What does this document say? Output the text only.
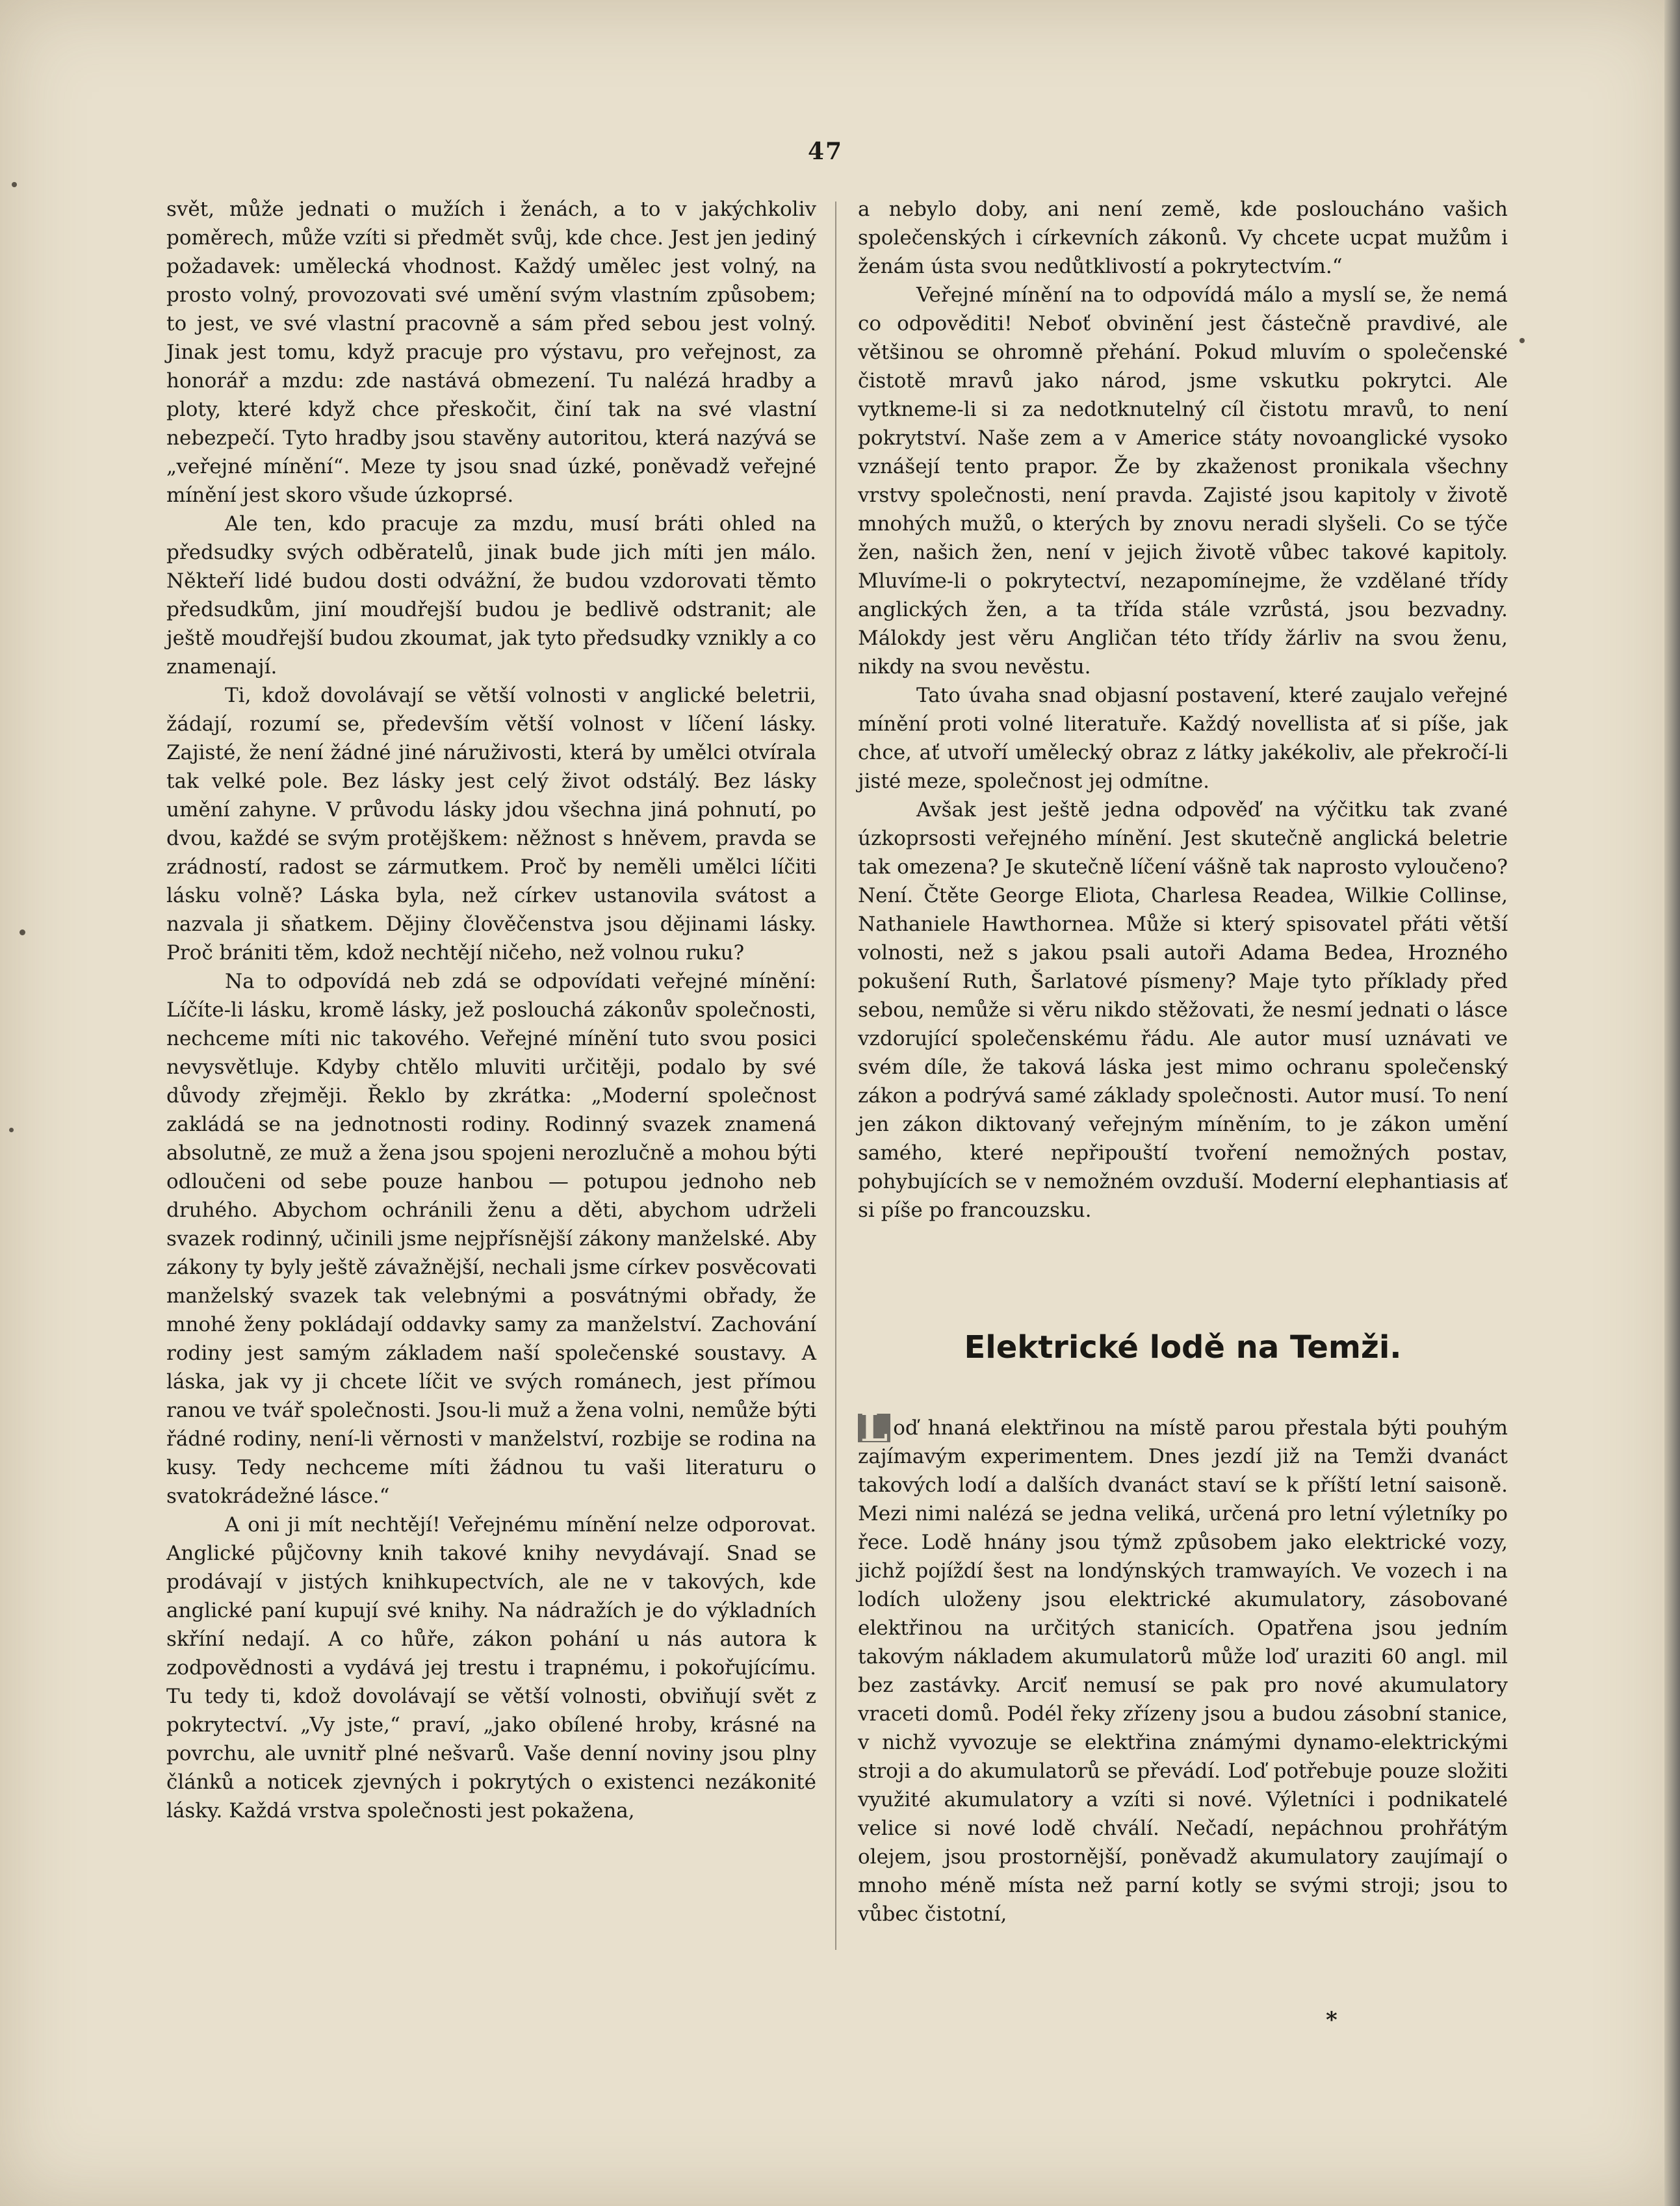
47

svět, může jednati o mužích i ženách, a to v jakýchkoliv poměrech, může vzíti si předmět svůj, kde chce. Jest jen jediný požadavek: umělecká vhodnost. Každý umělec jest volný, na prosto volný, provozovati své umění svým vlastním způsobem; to jest, ve své vlastní pracovně a sám před sebou jest volný. Jinak jest tomu, když pracuje pro výstavu, pro veřejnost, za honorář a mzdu: zde nastává obmezení. Tu nalézá hradby a ploty, které když chce přeskočit, činí tak na své vlastní nebezpečí. Tyto hradby jsou stavěny autoritou, která nazývá se „veřejné mínění“. Meze ty jsou snad úzké, poněvadž veřejné mínění jest skoro všude úzkoprsé.

Ale ten, kdo pracuje za mzdu, musí bráti ohled na předsudky svých odběratelů, jinak bude jich míti jen málo. Někteří lidé budou dosti odvážní, že budou vzdorovati těmto předsudkům, jiní moudřejší budou je bedlivě odstranit; ale ještě moudřejší budou zkoumat, jak tyto předsudky vznikly a co znamenají.

Ti, kdož dovolávají se větší volnosti v anglické beletrii, žádají, rozumí se, především větší volnost v líčení lásky. Zajisté, že není žádné jiné náruživosti, která by umělci otvírala tak velké pole. Bez lásky jest celý život odstálý. Bez lásky umění zahyne. V průvodu lásky jdou všechna jiná pohnutí, po dvou, každé se svým protějškem: něžnost s hněvem, pravda se zrádností, radost se zármutkem. Proč by neměli umělci líčiti lásku volně? Láska byla, než církev ustanovila svátost a nazvala ji sňatkem. Dějiny člověčenstva jsou dějinami lásky. Proč brániti těm, kdož nechtějí ničeho, než volnou ruku?

Na to odpovídá neb zdá se odpovídati veřejné mínění: Líčíte-li lásku, kromě lásky, jež poslouchá zákonův společnosti, nechceme míti nic takového. Veřejné mínění tuto svou posici nevysvětluje. Kdyby chtělo mluviti určitěji, podalo by své důvody zřejměji. Řeklo by zkrátka: „Moderní společnost zakládá se na jednotnosti rodiny. Rodinný svazek znamená absolutně, ze muž a žena jsou spojeni nerozlučně a mohou býti odloučeni od sebe pouze hanbou — potupou jednoho neb druhého. Abychom ochránili ženu a děti, abychom udrželi svazek rodinný, učinili jsme nejpřísnější zákony manželské. Aby zákony ty byly ještě závažnější, nechali jsme církev posvěcovati manželský svazek tak velebnými a posvátnými obřady, že mnohé ženy pokládají oddavky samy za manželství. Zachování rodiny jest samým základem naší společenské soustavy. A láska, jak vy ji chcete líčit ve svých románech, jest přímou ranou ve tvář společnosti. Jsou-li muž a žena volni, nemůže býti řádné rodiny, není-li věrnosti v manželství, rozbije se rodina na kusy. Tedy nechceme míti žádnou tu vaši literaturu o svatokrádežné lásce.“

A oni ji mít nechtějí! Veřejnému mínění nelze odporovat. Anglické půjčovny knih takové knihy nevydávají. Snad se prodávají v jistých knihkupectvích, ale ne v takových, kde anglické paní kupují své knihy. Na nádražích je do výkladních skříní nedají. A co hůře, zákon pohání u nás autora k zodpovědnosti a vydává jej trestu i trapnému, i pokořujícímu. Tu tedy ti, kdož dovolávají se větší volnosti, obviňují svět z pokrytectví. „Vy jste,“ praví, „jako obílené hroby, krásné na povrchu, ale uvnitř plné nešvarů. Vaše denní noviny jsou plny článků a noticek zjevných i pokrytých o existenci nezákonité lásky. Každá vrstva společnosti jest pokažena,

a nebylo doby, ani není země, kde posloucháno vašich společenských i církevních zákonů. Vy chcete ucpat mužům i ženám ústa svou nedůtklivostí a pokrytectvím.“

Veřejné mínění na to odpovídá málo a myslí se, že nemá co odpověditi! Neboť obvinění jest částečně pravdivé, ale většinou se ohromně přehání. Pokud mluvím o společenské čistotě mravů jako národ, jsme vskutku pokrytci. Ale vytkneme-li si za nedotknutelný cíl čistotu mravů, to není pokrytství. Naše zem a v Americe státy novoanglické vysoko vznášejí tento prapor. Že by zkaženost pronikala všechny vrstvy společnosti, není pravda. Zajisté jsou kapitoly v životě mnohých mužů, o kterých by znovu neradi slyšeli. Co se týče žen, našich žen, není v jejich životě vůbec takové kapitoly. Mluvíme-li o pokrytectví, nezapomínejme, že vzdělané třídy anglických žen, a ta třída stále vzrůstá, jsou bezvadny. Málokdy jest věru Angličan této třídy žárliv na svou ženu, nikdy na svou nevěstu.

Tato úvaha snad objasní postavení, které zaujalo veřejné mínění proti volné literatuře. Každý novellista ať si píše, jak chce, ať utvoří umělecký obraz z látky jakékoliv, ale překročí-li jisté meze, společnost jej odmítne.

Avšak jest ještě jedna odpověď na výčitku tak zvané úzkoprsosti veřejného mínění. Jest skutečně anglická beletrie tak omezena? Je skutečně líčení vášně tak naprosto vyloučeno? Není. Čtěte George Eliota, Charlesa Readea, Wilkie Collinse, Nathaniele Hawthornea. Může si který spisovatel přáti větší volnosti, než s jakou psali autoři Adama Bedea, Hrozného pokušení Ruth, Šarlatové písmeny? Maje tyto příklady před sebou, nemůže si věru nikdo stěžovati, že nesmí jednati o lásce vzdorující společenskému řádu. Ale autor musí uznávati ve svém díle, že taková láska jest mimo ochranu společenský zákon a podrývá samé základy společnosti. Autor musí. To není jen zákon diktovaný veřejným míněním, to je zákon umění samého, které nepřipouští tvoření nemožných postav, pohybujících se v nemožném ovzduší. Moderní elephantiasis ať si píše po francouzsku.

Elektrické lodě na Temži.

L oď hnaná elektřinou na místě parou přestala býti pouhým zajímavým experimentem. Dnes jezdí již na Temži dvanáct takových lodí a dalších dvanáct staví se k příští letní saisoně. Mezi nimi nalézá se jedna veliká, určená pro letní výletníky po řece. Lodě hnány jsou týmž způsobem jako elektrické vozy, jichž pojíždí šest na londýnských tramwayích. Ve vozech i na lodích uloženy jsou elektrické akumulatory, zásobované elektřinou na určitých stanicích. Opatřena jsou jedním takovým nákladem akumulatorů může loď uraziti 60 angl. mil bez zastávky. Arciť nemusí se pak pro nové akumulatory vraceti domů. Podél řeky zřízeny jsou a budou zásobní stanice, v nichž vyvozuje se elektřina známými dynamo-elektrickými stroji a do akumulatorů se převádí. Loď potřebuje pouze složiti využité akumulatory a vzíti si nové. Výletníci i podnikatelé velice si nové lodě chválí. Nečadí, nepáchnou prohřátým olejem, jsou prostornější, poněvadž akumulatory zaujímají o mnoho méně místa než parní kotly se svými stroji; jsou to vůbec čistotní,

*
